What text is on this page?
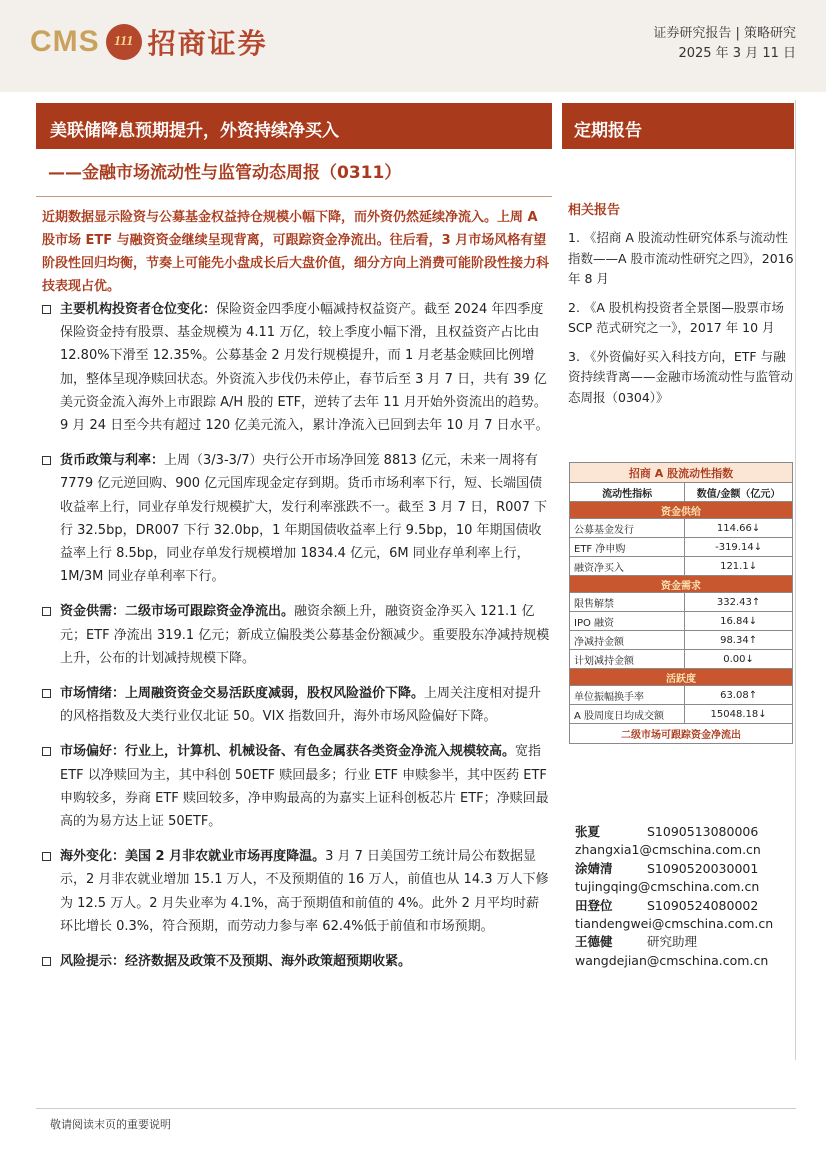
CMS	111 招商证券	证券研究报告 | 策略研究
2025 年 3 月 11 日
美联储降息预期提升，外资持续净买入	定期报告
——金融市场流动性与监管动态周报（0311）
近期数据显示险资与公募基金权益持仓规模小幅下降，而外资仍然延续净流入。上周 A 股市场 ETF 与融资资金继续呈现背离，可跟踪资金净流出。往后看，3 月市场风格有望阶段性回归均衡，节奏上可能先小盘成长后大盘价值，细分方向上消费可能阶段性接力科技表现占优。
主要机构投资者仓位变化：保险资金四季度小幅减持权益资产。截至 2024 年四季度保险资金持有股票、基金规模为 4.11 万亿，较上季度小幅下滑，且权益资产占比由 12.80%下滑至 12.35%。公募基金 2 月发行规模提升，而 1 月老基金赎回比例增加，整体呈现净赎回状态。外资流入步伐仍未停止，春节后至 3 月 7 日，共有 39 亿美元资金流入海外上市跟踪 A/H 股的 ETF，逆转了去年 11 月开始外资流出的趋势。9 月 24 日至今共有超过 120 亿美元流入，累计净流入已回到去年 10 月 7 日水平。
货币政策与利率：上周（3/3-3/7）央行公开市场净回笼 8813 亿元，未来一周将有 7779 亿元逆回购、900 亿元国库现金定存到期。货币市场利率下行，短、长端国债收益率上行，同业存单发行规模扩大，发行利率涨跌不一。截至 3 月 7 日，R007 下行 32.5bp，DR007 下行 32.0bp，1 年期国债收益率上行 9.5bp，10 年期国债收益率上行 8.5bp，同业存单发行规模增加 1834.4 亿元，6M 同业存单利率上行，1M/3M 同业存单利率下行。
资金供需：二级市场可跟踪资金净流出。融资余额上升，融资资金净买入 121.1 亿元；ETF 净流出 319.1 亿元；新成立偏股类公募基金份额减少。重要股东净减持规模上升，公布的计划减持规模下降。
市场情绪：上周融资资金交易活跃度减弱，股权风险溢价下降。上周关注度相对提升的风格指数及大类行业仅北证 50。VIX 指数回升，海外市场风险偏好下降。
市场偏好：行业上，计算机、机械设备、有色金属获各类资金净流入规模较高。宽指 ETF 以净赎回为主，其中科创 50ETF 赎回最多；行业 ETF 申赎参半，其中医药 ETF 申购较多，券商 ETF 赎回较多，净申购最高的为嘉实上证科创板芯片 ETF；净赎回最高的为易方达上证 50ETF。
海外变化：美国 2 月非农就业市场再度降温。3 月 7 日美国劳工统计局公布数据显示，2 月非农就业增加 15.1 万人，不及预期值的 16 万人，前值也从 14.3 万人下修为 12.5 万人。2 月失业率为 4.1%，高于预期值和前值的 4%。此外 2 月平均时薪环比增长 0.3%，符合预期，而劳动力参与率 62.4%低于前值和市场预期。
风险提示：经济数据及政策不及预期、海外政策超预期收紧。
相关报告
1. 《招商 A 股流动性研究体系与流动性指数——A 股市流动性研究之四》，2016 年 8 月
2. 《A 股机构投资者全景图—股票市场 SCP 范式研究之一》，2017 年 10 月
3. 《外资偏好买入科技方向，ETF 与融资持续背离——金融市场流动性与监管动态周报（0304）》
招商 A 股流动性指数	
流动性指标	数值/金额（亿元）
资金供给	
公募基金发行	114.66↓
ETF 净申购	-319.14↓
融资净买入	121.1↓
资金需求	
限售解禁	332.43↑
IPO 融资	16.84↓
净减持金额	98.34↑
计划减持金额	0.00↓
活跃度	
单位振幅换手率	63.08↑
A 股周度日均成交额	15048.18↓
二级市场可跟踪资金净流出	
张夏	S1090513080006
zhangxia1@cmschina.com.cn
涂婧清	S1090520030001
tujingqing@cmschina.com.cn
田登位	S1090524080002
tiandengwei@cmschina.com.cn
王德健	研究助理
wangdejian@cmschina.com.cn
敬请阅读末页的重要说明
